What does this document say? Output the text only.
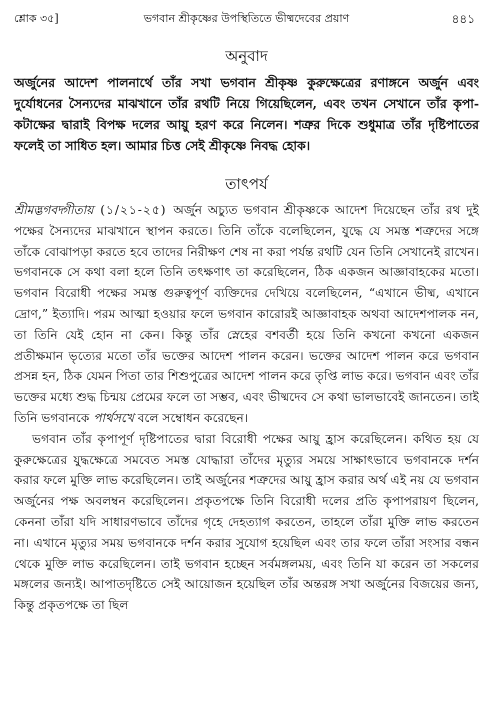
শ্লোক ৩৫]	ভগবান শ্রীকৃষ্ণের উপস্থিতিতে ভীষ্মদেবের প্রয়াণ	৪৪১
অনুবাদ

অর্জুনের আদেশ পালনার্থে তাঁর সখা ভগবান শ্রীকৃষ্ণ কুরুক্ষেত্রের রণাঙ্গনে অর্জুন এবং দুর্যোধনের সৈন্যদের মাঝখানে তাঁর রথটি নিয়ে গিয়েছিলেন, এবং তখন সেখানে তাঁর কৃপা-কটাক্ষের দ্বারাই বিপক্ষ দলের আয়ু হরণ করে নিলেন। শত্রুর দিকে শুধুমাত্র তাঁর দৃষ্টিপাতের ফলেই তা সাধিত হল। আমার চিত্ত সেই শ্রীকৃষ্ণে নিবদ্ধ হোক।

তাৎপর্য

শ্রীমদ্ভগবদ্গীতায় (১/২১-২৫) অর্জুন অচ্যুত ভগবান শ্রীকৃষ্ণকে আদেশ দিয়েছেন তাঁর রথ দুই পক্ষের সৈন্যদের মাঝখানে স্থাপন করতে। তিনি তাঁকে বলেছিলেন, যুদ্ধে যে সমস্ত শত্রুদের সঙ্গে তাঁকে বোঝাপড়া করতে হবে তাদের নিরীক্ষণ শেষ না করা পর্যন্ত রথটি যেন তিনি সেখানেই রাখেন। ভগবানকে সে কথা বলা হলে তিনি তৎক্ষণাৎ তা করেছিলেন, ঠিক একজন আজ্ঞাবাহকের মতো। ভগবান বিরোধী পক্ষের সমস্ত গুরুত্বপূর্ণ ব্যক্তিদের দেখিয়ে বলেছিলেন, “এখানে ভীষ্ম, এখানে দ্রোণ,” ইত্যাদি। পরম আত্মা হওয়ার ফলে ভগবান কারোরই আজ্ঞাবাহক অথবা আদেশপালক নন, তা তিনি যেই হোন না কেন। কিন্তু তাঁর স্নেহের বশবর্তী হয়ে তিনি কখনো কখনো একজন প্রতীক্ষমান ভৃত্যের মতো তাঁর ভক্তের আদেশ পালন করেন। ভক্তের আদেশ পালন করে ভগবান প্রসন্ন হন, ঠিক যেমন পিতা তার শিশুপুত্রের আদেশ পালন করে তৃপ্তি লাভ করে। ভগবান এবং তাঁর ভক্তের মধ্যে শুদ্ধ চিন্ময় প্রেমের ফলে তা সম্ভব, এবং ভীষ্মদেব সে কথা ভালভাবেই জানতেন। তাই তিনি ভগবানকে পার্থসখে বলে সম্বোধন করেছেন।

ভগবান তাঁর কৃপাপূর্ণ দৃষ্টিপাতের দ্বারা বিরোধী পক্ষের আয়ু হ্রাস করেছিলেন। কথিত হয় যে কুরুক্ষেত্রের যুদ্ধক্ষেত্রে সমবেত সমস্ত যোদ্ধারা তাঁদের মৃত্যুর সময়ে সাক্ষাৎভাবে ভগবানকে দর্শন করার ফলে মুক্তি লাভ করেছিলেন। তাই অর্জুনের শত্রুদের আয়ু হ্রাস করার অর্থ এই নয় যে ভগবান অর্জুনের পক্ষ অবলম্বন করেছিলেন। প্রকৃতপক্ষে তিনি বিরোধী দলের প্রতি কৃপাপরায়ণ ছিলেন, কেননা তাঁরা যদি সাধারণভাবে তাঁদের গৃহে দেহত্যাগ করতেন, তাহলে তাঁরা মুক্তি লাভ করতেন না। এখানে মৃত্যুর সময় ভগবানকে দর্শন করার সুযোগ হয়েছিল এবং তার ফলে তাঁরা সংসার বন্ধন থেকে মুক্তি লাভ করেছিলেন। তাই ভগবান হচ্ছেন সর্বমঙ্গলময়, এবং তিনি যা করেন তা সকলের মঙ্গলের জন্যই। আপাতদৃষ্টিতে সেই আয়োজন হয়েছিল তাঁর অন্তরঙ্গ সখা অর্জুনের বিজয়ের জন্য, কিন্তু প্রকৃতপক্ষে তা ছিল
